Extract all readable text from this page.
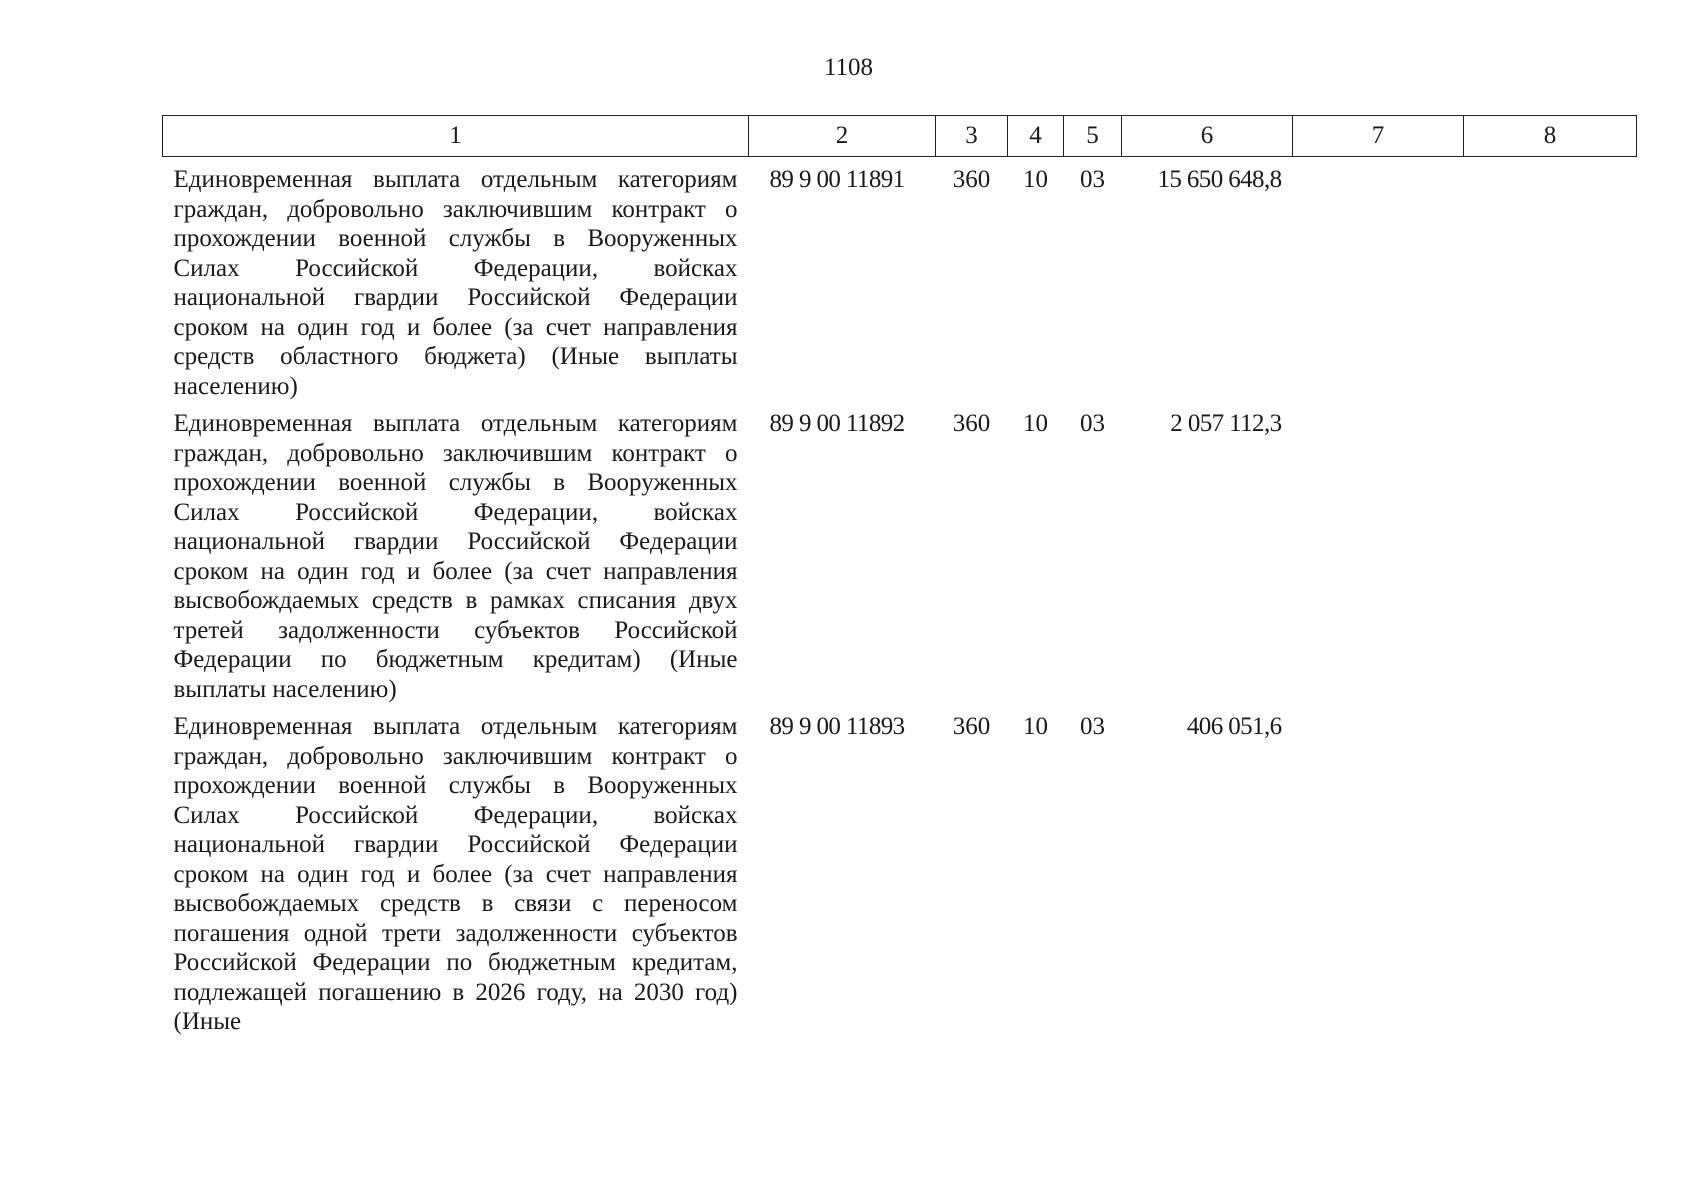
1108
1	2	3	4	5	6	7	8
Единовременная выплата отдельным категориям граждан, добровольно заключившим контракт о прохождении военной службы в Вооруженных Силах Российской Федерации, войсках национальной гвардии Российской Федерации сроком на один год и более (за счет направления средств областного бюджета) (Иные выплаты населению)	89 9 00 11891	360	10	03	15 650 648,8		
Единовременная выплата отдельным категориям граждан, добровольно заключившим контракт о прохождении военной службы в Вооруженных Силах Российской Федерации, войсках национальной гвардии Российской Федерации сроком на один год и более (за счет направления высвобождаемых средств в рамках списания двух третей задолженности субъектов Российской Федерации по бюджетным кредитам) (Иные выплаты населению)	89 9 00 11892	360	10	03	2 057 112,3		
Единовременная выплата отдельным категориям граждан, добровольно заключившим контракт о прохождении военной службы в Вооруженных Силах Российской Федерации, войсках национальной гвардии Российской Федерации сроком на один год и более (за счет направления высвобождаемых средств в связи с переносом погашения одной трети задолженности субъектов Российской Федерации по бюджетным кредитам, подлежащей погашению в 2026 году, на 2030 год) (Иные	89 9 00 11893	360	10	03	406 051,6		
